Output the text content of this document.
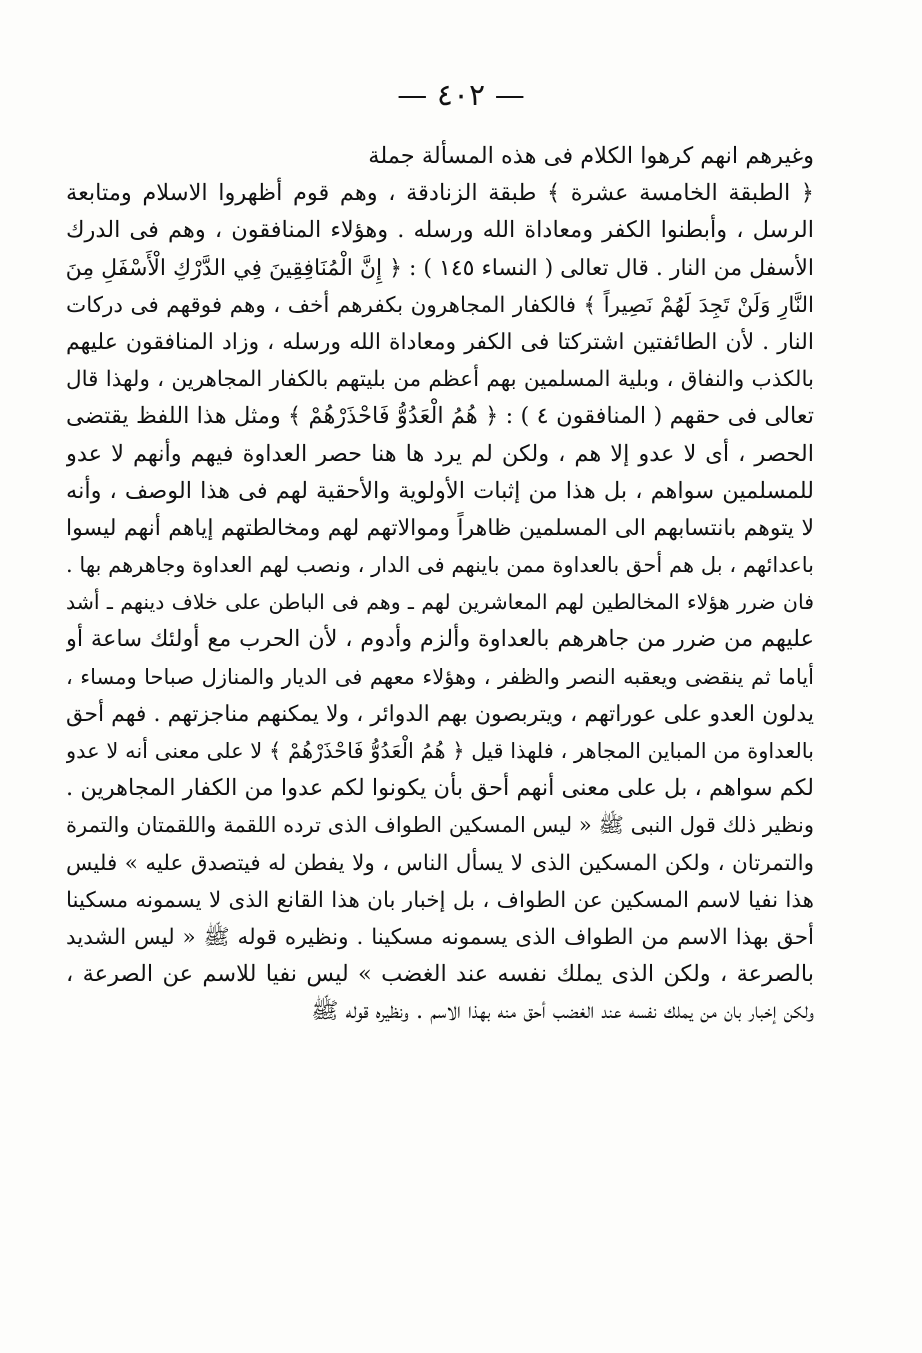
— ٤٠٢ —
وغيرهم انهم كرهوا الكلام فى هذه المسألة جملة
﴿ الطبقة الخامسة عشرة ﴾ طبقة الزنادقة ، وهم قوم أظهروا الاسلام ومتابعة
الرسل ، وأبطنوا الكفر ومعاداة الله ورسله . وهؤلاء المنافقون ، وهم فى الدرك
الأسفل من النار . قال تعالى ( النساء ١٤٥ ) : ﴿ إِنَّ الْمُنَافِقِينَ فِي الدَّرْكِ الْأَسْفَلِ مِنَ
النَّارِ وَلَنْ تَجِدَ لَهُمْ نَصِيراً ﴾ فالكفار المجاهرون بكفرهم أخف ، وهم فوقهم فى دركات
النار . لأن الطائفتين اشتركتا فى الكفر ومعاداة الله ورسله ، وزاد المنافقون عليهم
بالكذب والنفاق ، وبلية المسلمين بهم أعظم من بليتهم بالكفار المجاهرين ، ولهذا قال
تعالى فى حقهم ( المنافقون ٤ ) : ﴿ هُمُ الْعَدُوُّ فَاحْذَرْهُمْ ﴾ ومثل هذا اللفظ يقتضى
الحصر ، أى لا عدو إلا هم ، ولكن لم يرد ها هنا حصر العداوة فيهم وأنهم لا عدو
للمسلمين سواهم ، بل هذا من إثبات الأولوية والأحقية لهم فى هذا الوصف ، وأنه
لا يتوهم بانتسابهم الى المسلمين ظاهراً وموالاتهم لهم ومخالطتهم إياهم أنهم ليسوا
باعدائهم ، بل هم أحق بالعداوة ممن باينهم فى الدار ، ونصب لهم العداوة وجاهرهم بها .
فان ضرر هؤلاء المخالطين لهم المعاشرين لهم ـ وهم فى الباطن على خلاف دينهم ـ أشد
عليهم من ضرر من جاهرهم بالعداوة وألزم وأدوم ، لأن الحرب مع أولئك ساعة أو
أياما ثم ينقضى ويعقبه النصر والظفر ، وهؤلاء معهم فى الديار والمنازل صباحا ومساء ،
يدلون العدو على عوراتهم ، ويتربصون بهم الدوائر ، ولا يمكنهم مناجزتهم . فهم أحق
بالعداوة من المباين المجاهر ، فلهذا قيل ﴿ هُمُ الْعَدُوُّ فَاحْذَرْهُمْ ﴾ لا على معنى أنه لا عدو
لكم سواهم ، بل على معنى أنهم أحق بأن يكونوا لكم عدوا من الكفار المجاهرين .
ونظير ذلك قول النبى ﷺ « ليس المسكين الطواف الذى ترده اللقمة واللقمتان والتمرة
والتمرتان ، ولكن المسكين الذى لا يسأل الناس ، ولا يفطن له فيتصدق عليه » فليس
هذا نفيا لاسم المسكين عن الطواف ، بل إخبار بان هذا القانع الذى لا يسمونه مسكينا
أحق بهذا الاسم من الطواف الذى يسمونه مسكينا . ونظيره قوله ﷺ « ليس الشديد
بالصرعة ، ولكن الذى يملك نفسه عند الغضب » ليس نفيا للاسم عن الصرعة ،
ولكن إخبار بان من يملك نفسه عند الغضب أحق منه بهذا الاسم . ونظيره قوله ﷺ
